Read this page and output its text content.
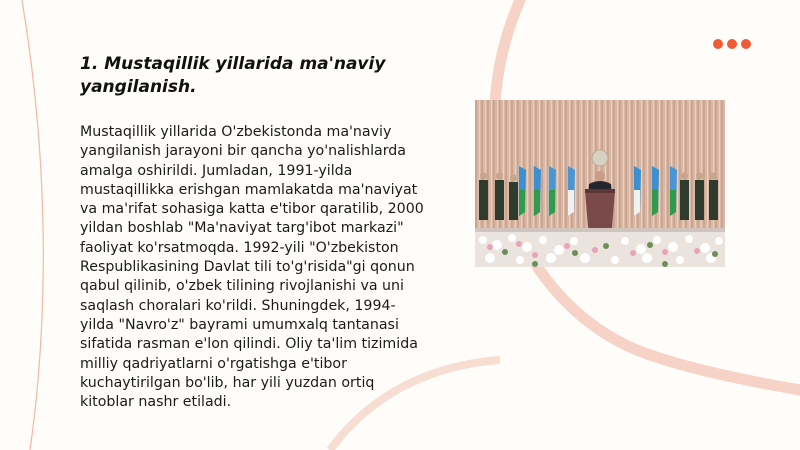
1. Mustaqillik yillarida ma'naviy yangilanish.

Mustaqillik yillarida O'zbekistonda ma'naviy yangilanish jarayoni bir qancha yo'nalishlarda amalga oshirildi. Jumladan, 1991-yilda mustaqillikka erishgan mamlakatda ma'naviyat va ma'rifat sohasiga katta e'tibor qaratilib, 2000 yildan boshlab "Ma'naviyat targ'ibot markazi" faoliyat ko'rsatmoqda. 1992-yili "O'zbekiston Respublikasining Davlat tili to'g'risida"gi qonun qabul qilinib, o'zbek tilining rivojlanishi va uni saqlash choralari ko'rildi. Shuningdek, 1994-yilda "Navro'z" bayrami umumxalq tantanasi sifatida rasman e'lon qilindi. Oliy ta'lim tizimida milliy qadriyatlarni o'rgatishga e'tibor kuchaytirilgan bo'lib, har yili yuzdan ortiq kitoblar nashr etiladi.
